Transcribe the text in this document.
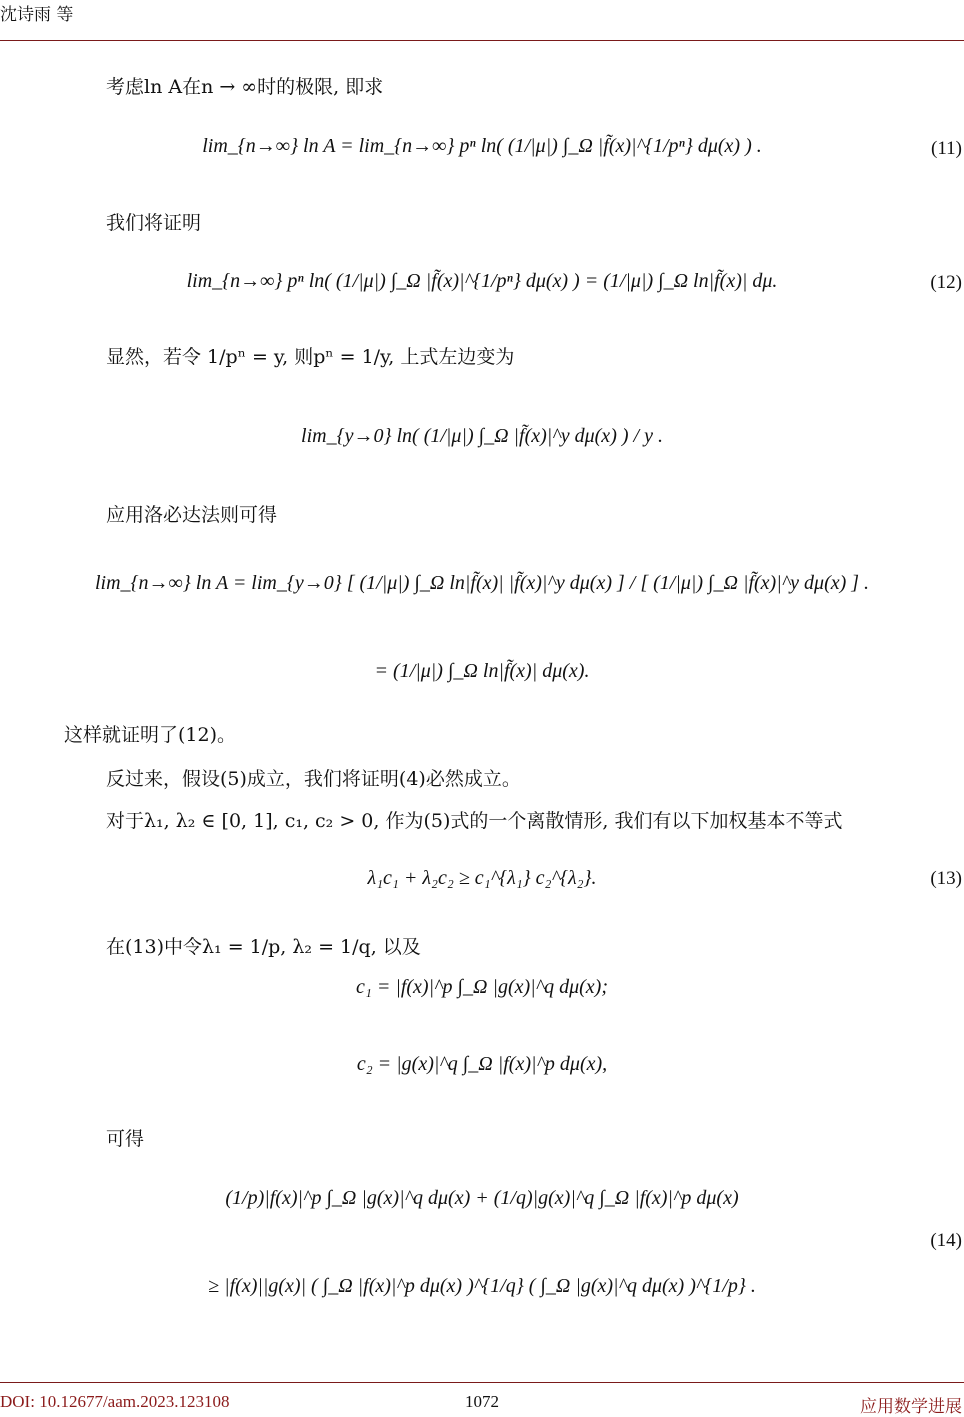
沈诗雨 等
考虑ln A在n → ∞时的极限, 即求
lim_{n→∞} ln A = lim_{n→∞} pⁿ ln( (1/|μ|) ∫_Ω |f̃(x)|^{1/pⁿ} dμ(x) ) .	(11)
我们将证明
lim_{n→∞} pⁿ ln( (1/|μ|) ∫_Ω |f̃(x)|^{1/pⁿ} dμ(x) ) = (1/|μ|) ∫_Ω ln|f̃(x)| dμ.	(12)
显然，若令 1/pⁿ = y, 则pⁿ = 1/y, 上式左边变为
lim_{y→0} ln( (1/|μ|) ∫_Ω |f̃(x)|^y dμ(x) ) / y .
应用洛必达法则可得
lim_{n→∞} ln A = lim_{y→0} [ (1/|μ|) ∫_Ω ln|f̃(x)| |f̃(x)|^y dμ(x) ] / [ (1/|μ|) ∫_Ω |f̃(x)|^y dμ(x) ] .
= (1/|μ|) ∫_Ω ln|f̃(x)| dμ(x).
这样就证明了(12)。
反过来，假设(5)成立，我们将证明(4)必然成立。
对于λ₁, λ₂ ∈ [0, 1], c₁, c₂ > 0, 作为(5)式的一个离散情形, 我们有以下加权基本不等式
λ₁c₁ + λ₂c₂ ≥ c₁^{λ₁} c₂^{λ₂}.	(13)
在(13)中令λ₁ = 1/p, λ₂ = 1/q, 以及
c₁ = |f(x)|^p ∫_Ω |g(x)|^q dμ(x);
c₂ = |g(x)|^q ∫_Ω |f(x)|^p dμ(x),
可得
(1/p)|f(x)|^p ∫_Ω |g(x)|^q dμ(x) + (1/q)|g(x)|^q ∫_Ω |f(x)|^p dμ(x)
≥ |f(x)||g(x)| ( ∫_Ω |f(x)|^p dμ(x) )^{1/q} ( ∫_Ω |g(x)|^q dμ(x) )^{1/p} .
(14)
DOI: 10.12677/aam.2023.123108	1072	应用数学进展
